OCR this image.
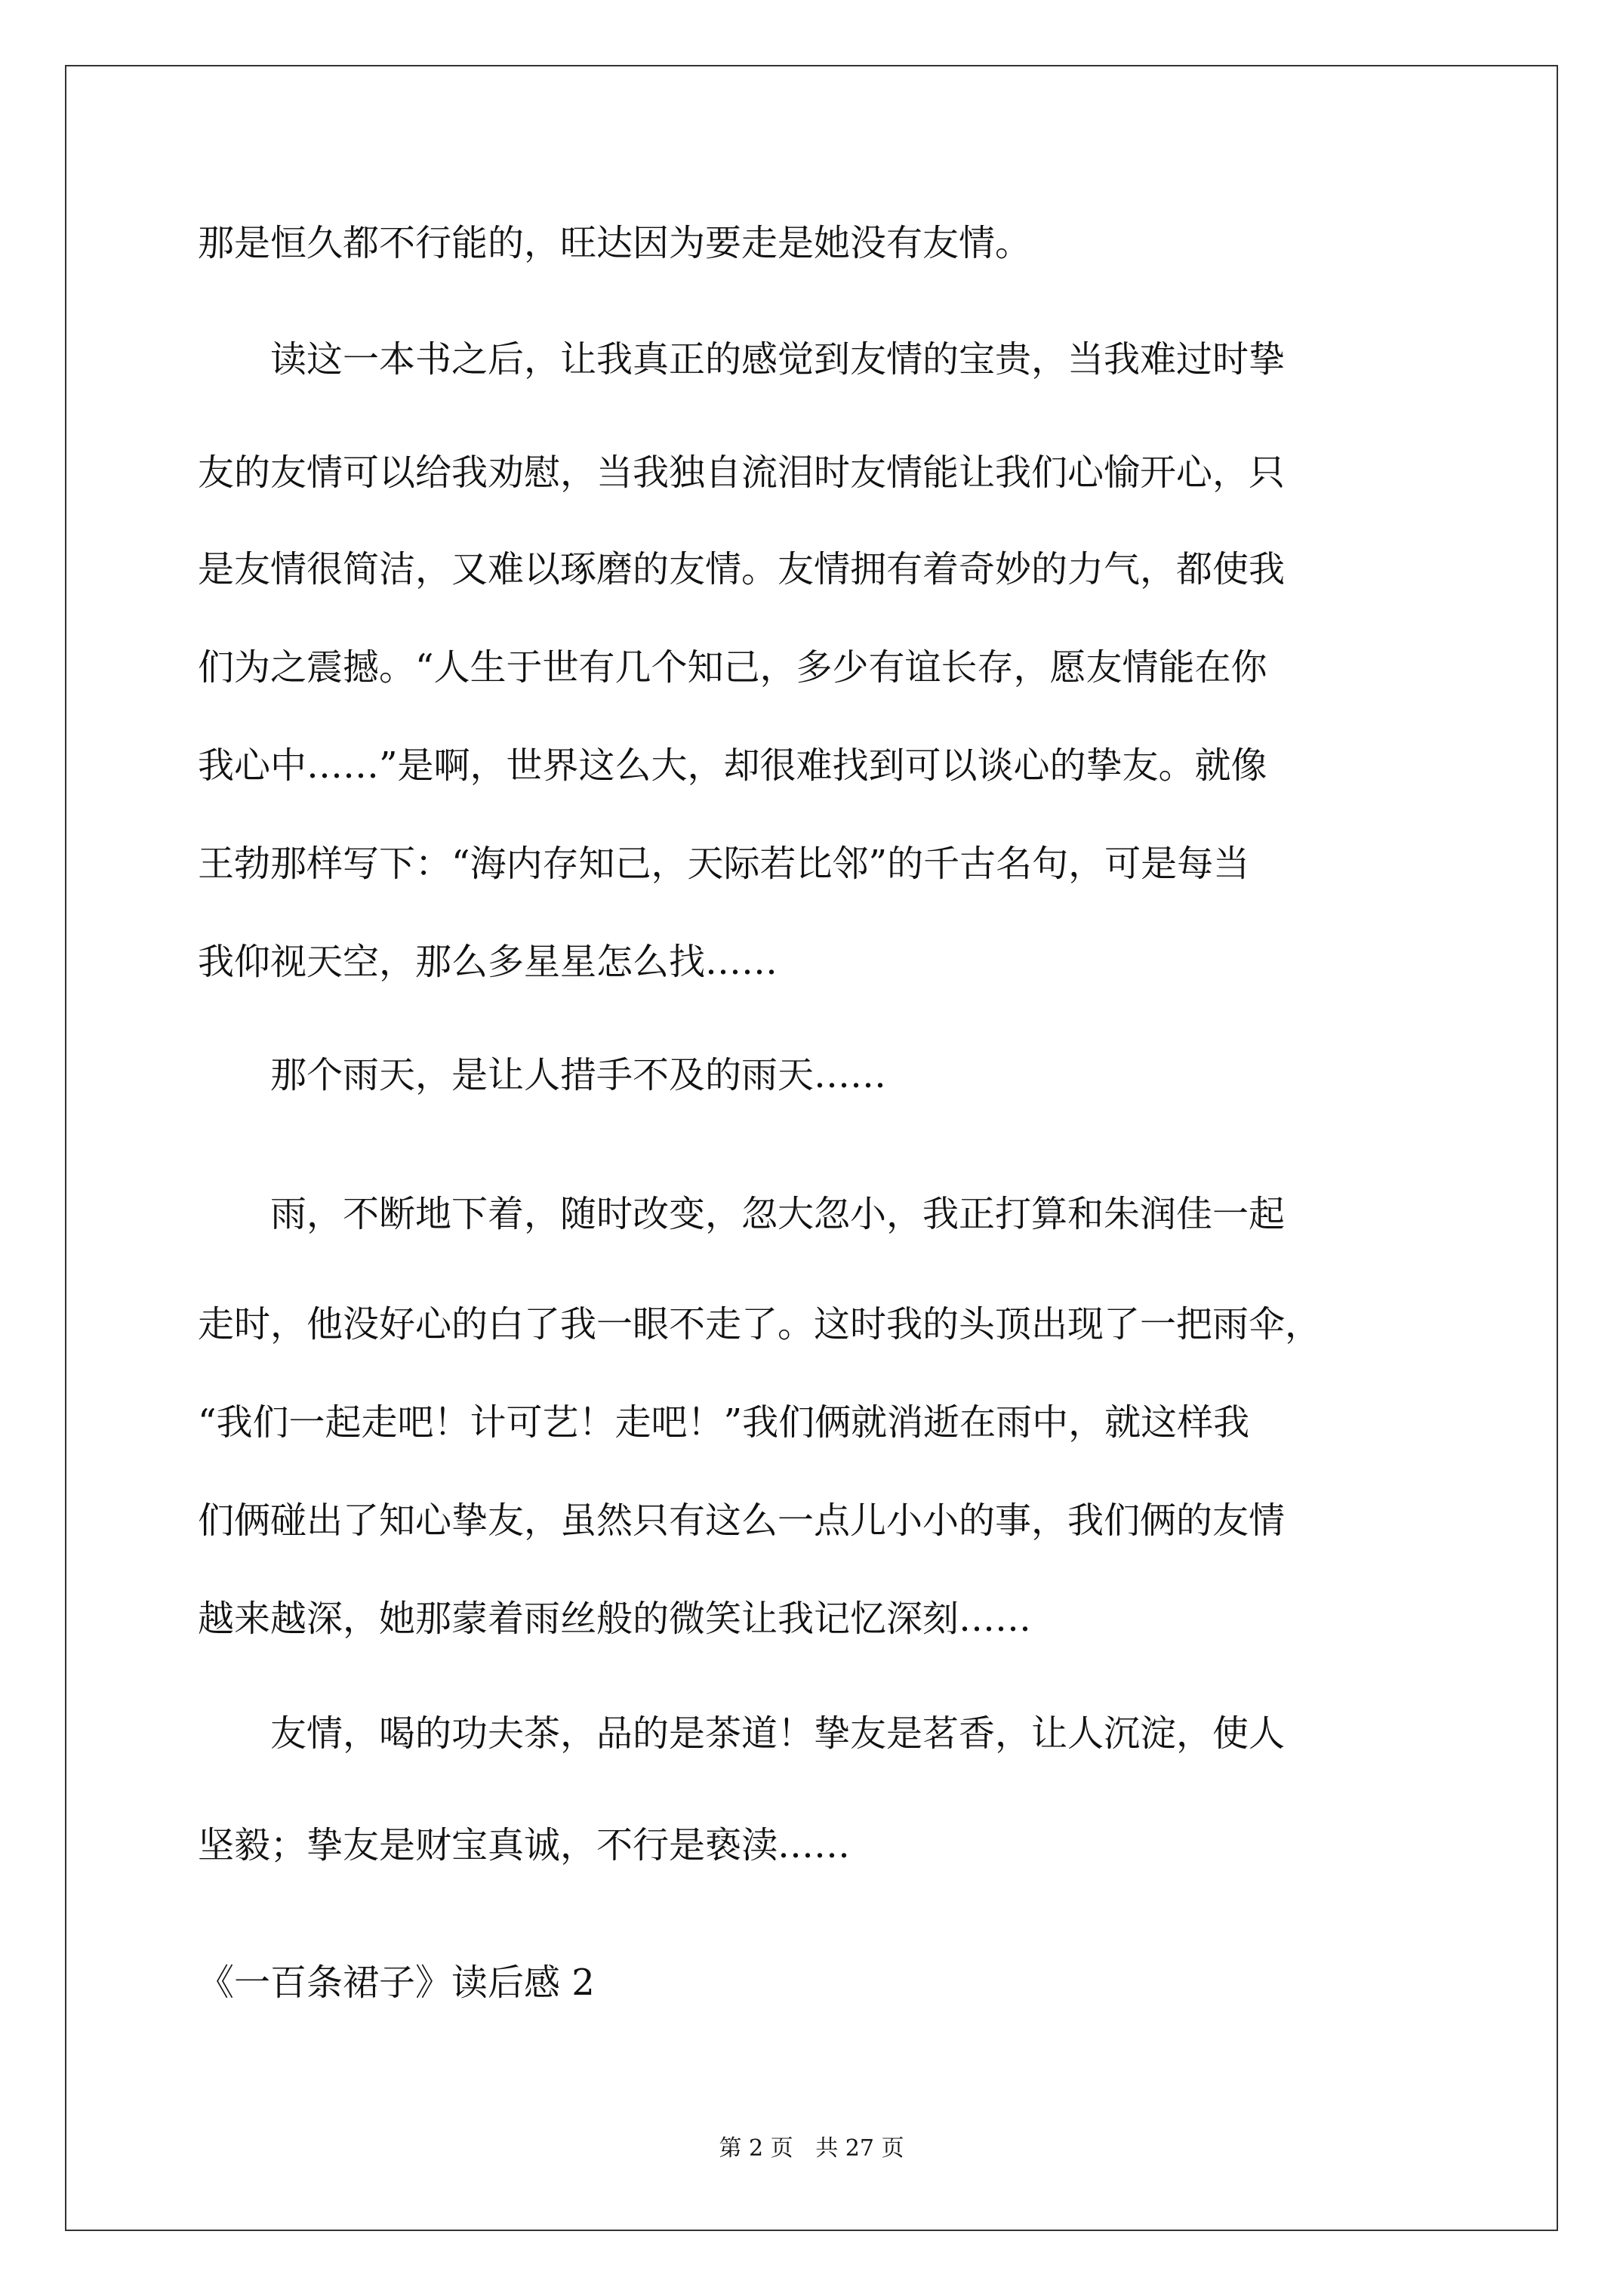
那是恒久都不行能的，旺达因为要走是她没有友情。

读这一本书之后，让我真正的感觉到友情的宝贵，当我难过时挚

友的友情可以给我劝慰，当我独自流泪时友情能让我们心愉开心，只

是友情很简洁，又难以琢磨的友情。友情拥有着奇妙的力气，都使我

们为之震撼。“人生于世有几个知己，多少有谊长存，愿友情能在你

我心中……”是啊，世界这么大，却很难找到可以谈心的挚友。就像

王勃那样写下：“海内存知己，天际若比邻”的千古名句，可是每当

我仰视天空，那么多星星怎么找……

那个雨天，是让人措手不及的雨天……

雨，不断地下着，随时改变，忽大忽小，我正打算和朱润佳一起

走时，他没好心的白了我一眼不走了。这时我的头顶出现了一把雨伞，

“我们一起走吧！计可艺！走吧！”我们俩就消逝在雨中，就这样我

们俩碰出了知心挚友，虽然只有这么一点儿小小的事，我们俩的友情

越来越深，她那蒙着雨丝般的微笑让我记忆深刻……

友情，喝的功夫茶，品的是茶道！挚友是茗香，让人沉淀，使人

坚毅；挚友是财宝真诚，不行是亵渎……

《一百条裙子》读后感 2

第 2 页 共 27 页
